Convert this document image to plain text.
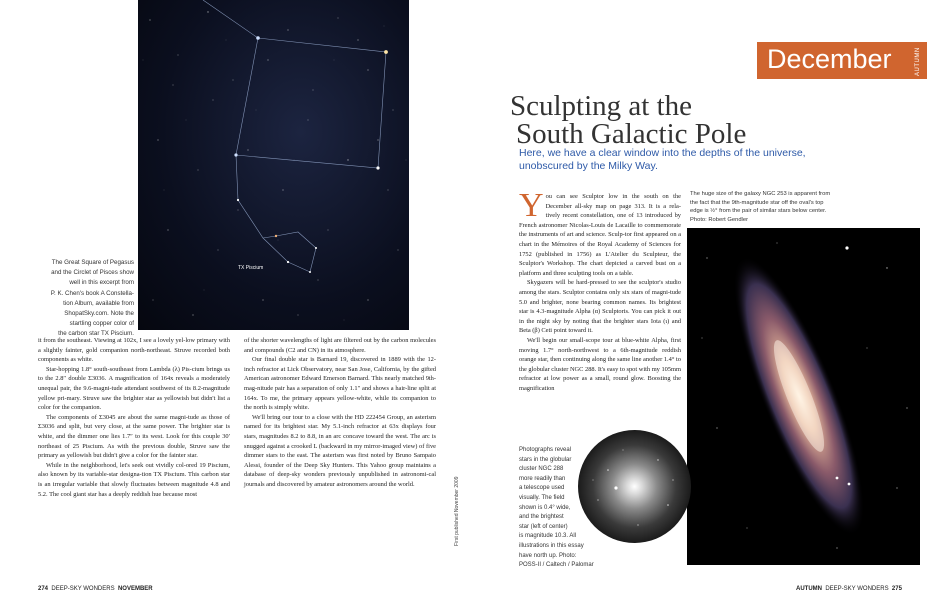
TX Piscium
The Great Square of Pegasus
and the Circlet of Pisces show
well in this excerpt from
P. K. Chen's book A Constella-
tion Album, available from
ShopatSky.com. Note the
startling copper color of
the carbon star TX Piscium.

it from the southeast. Viewing at 102x, I see a lovely yel-low primary with a slightly fainter, gold companion north-northeast. Struve recorded both components as white.

Star-hopping 1.8° south-southeast from Lambda (λ) Pis-cium brings us to the 2.8″ double Σ3036. A magnification of 164x reveals a moderately unequal pair, the 9.6-magni-tude attendant southwest of its 8.2-magnitude yellow pri-mary. Struve saw the brighter star as yellowish but didn't list a color for the companion.

The components of Σ3045 are about the same magni-tude as those of Σ3036 and split, but very close, at the same power. The brighter star is white, and the dimmer one lies 1.7″ to its west. Look for this couple 30′ northeast of 25 Piscium. As with the previous double, Struve saw the primary as yellowish but didn't give a color for the fainter star.

While in the neighborhood, let's seek out vividly col-ored 19 Piscium, also known by its variable-star designa-tion TX Piscium. This carbon star is an irregular variable that slowly fluctuates between magnitude 4.8 and 5.2. The cool giant star has a deeply reddish hue because most

of the shorter wavelengths of light are filtered out by the carbon molecules and compounds (C2 and CN) in its atmosphere.

Our final double star is Barnard 19, discovered in 1889 with the 12-inch refractor at Lick Observatory, near San Jose, California, by the gifted American astronomer Edward Emerson Barnard. This nearly matched 9th-mag-nitude pair has a separation of only 1.1″ and shows a hair-line split at 164x. To me, the primary appears yellow-white, while its companion to the north is simply white.

We'll bring our tour to a close with the HD 222454 Group, an asterism named for its brightest star. My 5.1-inch refractor at 63x displays four stars, magnitudes 8.2 to 8.8, in an arc concave toward the west. The arc is snugged against a crooked L (backward in my mirror-imaged view) of five dimmer stars to the east. The asterism was first noted by Bruno Sampaio Alessi, founder of the Deep Sky Hunters. This Yahoo group maintains a database of deep-sky wonders previously unpublished in astronomi-cal journals and discovered by amateur astronomers around the world.	First published November 2009
274 DEEP-SKY WONDERS NOVEMBER
December	AUTUMN
Sculpting at the
South Galactic Pole
Here, we have a clear window into the depths of the universe, unobscured by the Milky Way.

You can see Sculptor low in the south on the December all-sky map on page 313. It is a rela-tively recent constellation, one of 13 introduced by French astronomer Nicolas-Louis de Lacaille to commemorate the instruments of art and science. Sculp-tor first appeared on a chart in the Mémoires of the Royal Academy of Sciences for 1752 (published in 1756) as L'Atelier du Sculpteur, the Sculptor's Workshop. The chart depicted a carved bust on a platform and three sculpting tools on a table.

Skygazers will be hard-pressed to see the sculptor's studio among the stars. Sculptor contains only six stars of magni-tude 5.0 and brighter, none bearing common names. Its brightest star is 4.3-magnitude Alpha (α) Sculptoris. You can pick it out in the night sky by noting that the brighter stars Iota (ι) and Beta (β) Ceti point toward it.

We'll begin our small-scope tour at blue-white Alpha, first moving 1.7° north-northwest to a 6th-magnitude reddish orange star, then continuing along the same line another 1.4° to the globular cluster NGC 288. It's easy to spot with my 105mm refractor at low power as a small, round glow. Boosting the magnification

The huge size of the galaxy NGC 253 is apparent from
the fact that the 9th-magnitude star off the oval's top
edge is ½° from the pair of similar stars below center.
Photo: Robert Gendler
Photographs reveal
stars in the globular
cluster NGC 288
more readily than
a telescope used
visually. The field
shown is 0.4° wide,
and the brightest
star (left of center)
is magnitude 10.3. All
illustrations in this essay
have north up. Photo:
POSS-II / Caltech / Palomar
AUTUMN DEEP-SKY WONDERS 275
